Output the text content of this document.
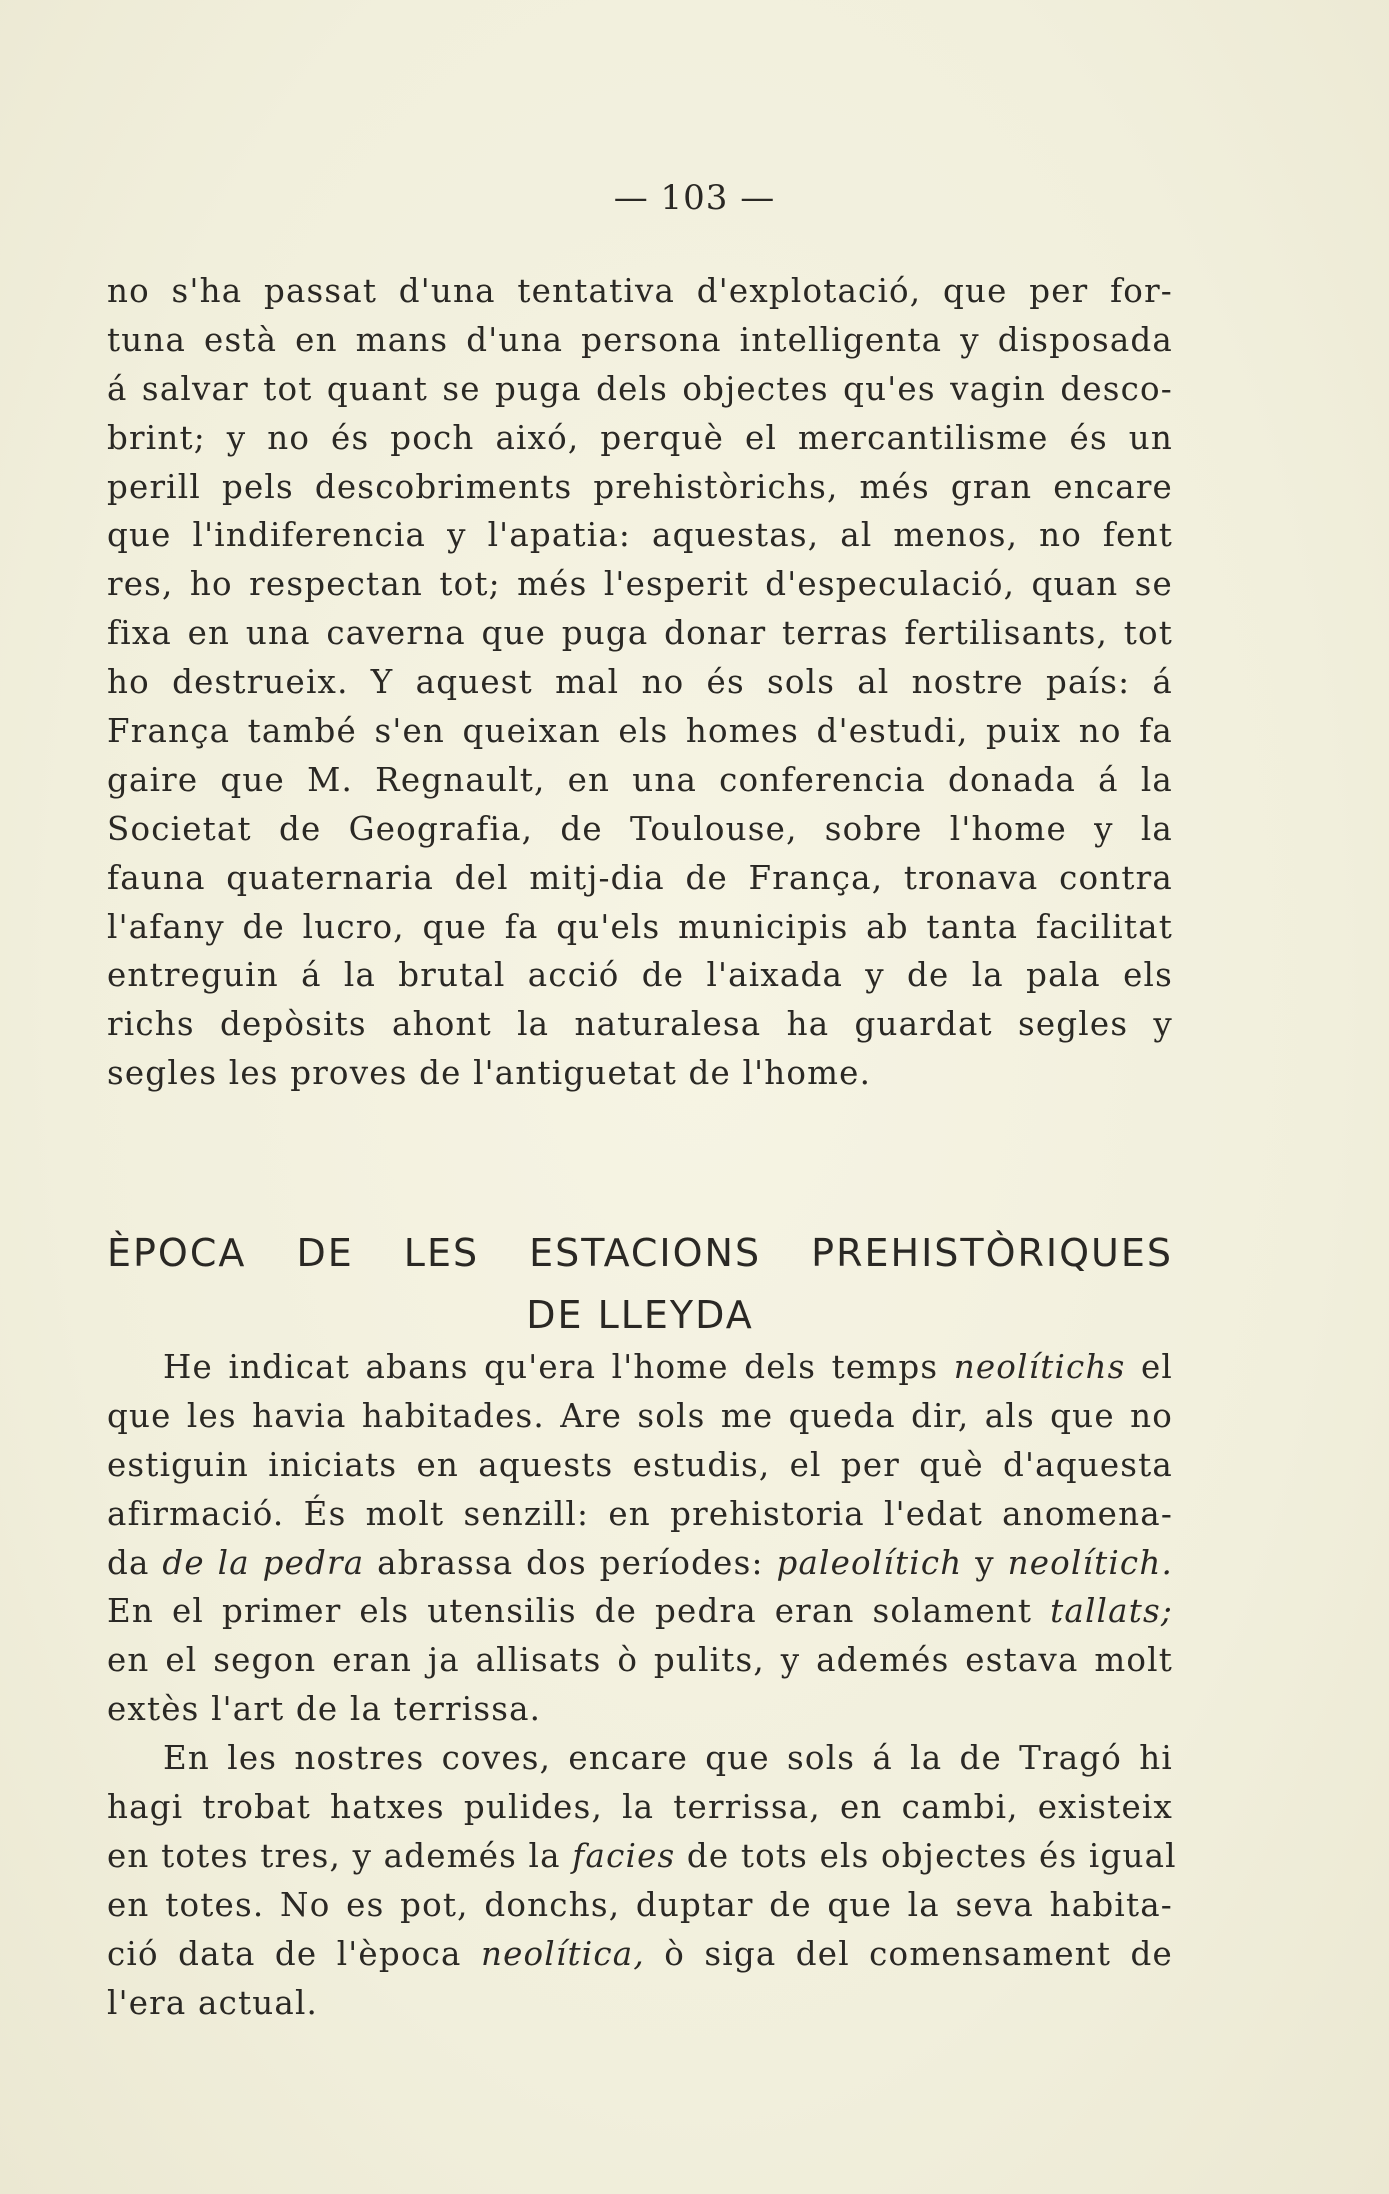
— 103 —
no s'ha passat d'una tentativa d'explotació, que per for-
tuna està en mans d'una persona intelligenta y disposada
á salvar tot quant se puga dels objectes qu'es vagin desco-
brint; y no és poch aixó, perquè el mercantilisme és un
perill pels descobriments prehistòrichs, més gran encare
que l'indiferencia y l'apatia: aquestas, al menos, no fent
res, ho respectan tot; més l'esperit d'especulació, quan se
fixa en una caverna que puga donar terras fertilisants, tot
ho destrueix. Y aquest mal no és sols al nostre país: á
França també s'en queixan els homes d'estudi, puix no fa
gaire que M. Regnault, en una conferencia donada á la
Societat de Geografia, de Toulouse, sobre l'home y la
fauna quaternaria del mitj-dia de França, tronava contra
l'afany de lucro, que fa qu'els municipis ab tanta facilitat
entreguin á la brutal acció de l'aixada y de la pala els
richs depòsits ahont la naturalesa ha guardat segles y
segles les proves de l'antiguetat de l'home.
ÈPOCA DE LES ESTACIONS PREHISTÒRIQUES
DE LLEYDA
He indicat abans qu'era l'home dels temps neolítichs el
que les havia habitades. Are sols me queda dir, als que no
estiguin iniciats en aquests estudis, el per què d'aquesta
afirmació. És molt senzill: en prehistoria l'edat anomena-
da de la pedra abrassa dos períodes: paleolítich y neolítich.
En el primer els utensilis de pedra eran solament tallats;
en el segon eran ja allisats ò pulits, y ademés estava molt
extès l'art de la terrissa.
En les nostres coves, encare que sols á la de Tragó hi
hagi trobat hatxes pulides, la terrissa, en cambi, existeix
en totes tres, y ademés la facies de tots els objectes és igual
en totes. No es pot, donchs, duptar de que la seva habita-
ció data de l'època neolítica, ò siga del comensament de
l'era actual.
